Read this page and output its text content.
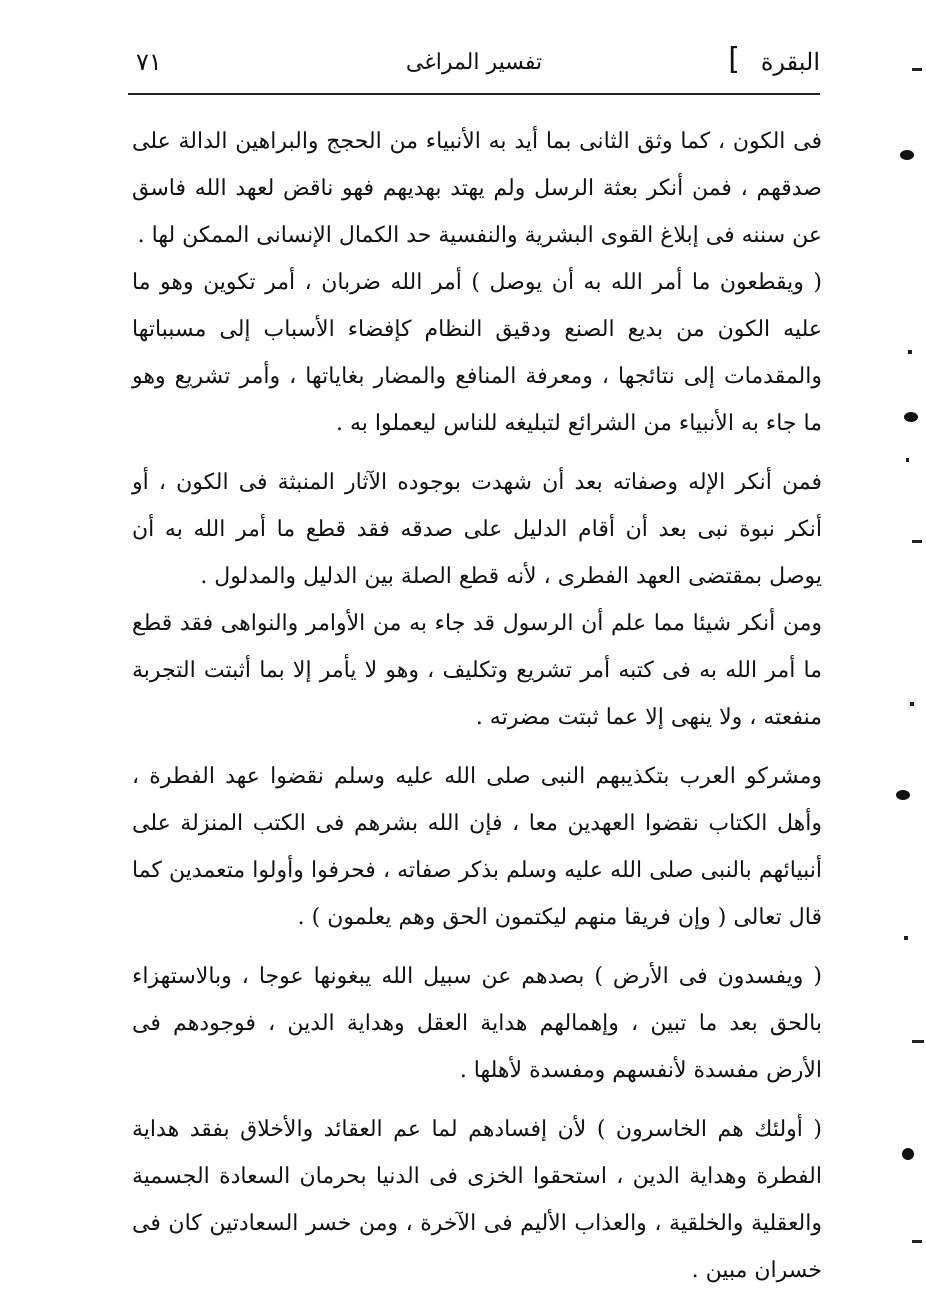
البقرة
]
تفسير المراغى
٧١

فى الكون ، كما وثق الثانى بما أيد به الأنبياء من الحجج والبراهين الدالة على صدقهم ، فمن أنكر بعثة الرسل ولم يهتد بهديهم فهو ناقض لعهد الله فاسق عن سننه فى إبلاغ القوى البشرية والنفسية حد الكمال الإنسانى الممكن لها .

( ويقطعون ما أمر الله به أن يوصل ) أمر الله ضربان ، أمر تكوين وهو ما عليه الكون من بديع الصنع ودقيق النظام كإفضاء الأسباب إلى مسبباتها والمقدمات إلى نتائجها ، ومعرفة المنافع والمضار بغاياتها ، وأمر تشريع وهو ما جاء به الأنبياء من الشرائع لتبليغه للناس ليعملوا به .

فمن أنكر الإله وصفاته بعد أن شهدت بوجوده الآثار المنبثة فى الكون ، أو أنكر نبوة نبى بعد أن أقام الدليل على صدقه فقد قطع ما أمر الله به أن يوصل بمقتضى العهد الفطرى ، لأنه قطع الصلة بين الدليل والمدلول .

ومن أنكر شيئا مما علم أن الرسول قد جاء به من الأوامر والنواهى فقد قطع ما أمر الله به فى كتبه أمر تشريع وتكليف ، وهو لا يأمر إلا بما أثبتت التجربة منفعته ، ولا ينهى إلا عما ثبتت مضرته .

ومشركو العرب بتكذيبهم النبى صلى الله عليه وسلم نقضوا عهد الفطرة ، وأهل الكتاب نقضوا العهدين معا ، فإن الله بشرهم فى الكتب المنزلة على أنبيائهم بالنبى صلى الله عليه وسلم بذكر صفاته ، فحرفوا وأولوا متعمدين كما قال تعالى ( وإن فريقا منهم ليكتمون الحق وهم يعلمون ) .

( ويفسدون فى الأرض ) بصدهم عن سبيل الله يبغونها عوجا ، وبالاستهزاء بالحق بعد ما تبين ، وإهمالهم هداية العقل وهداية الدين ، فوجودهم فى الأرض مفسدة لأنفسهم ومفسدة لأهلها .

( أولئك هم الخاسرون ) لأن إفسادهم لما عم العقائد والأخلاق بفقد هداية الفطرة وهداية الدين ، استحقوا الخزى فى الدنيا بحرمان السعادة الجسمية والعقلية والخلقية ، والعذاب الأليم فى الآخرة ، ومن خسر السعادتين كان فى خسران مبين .
